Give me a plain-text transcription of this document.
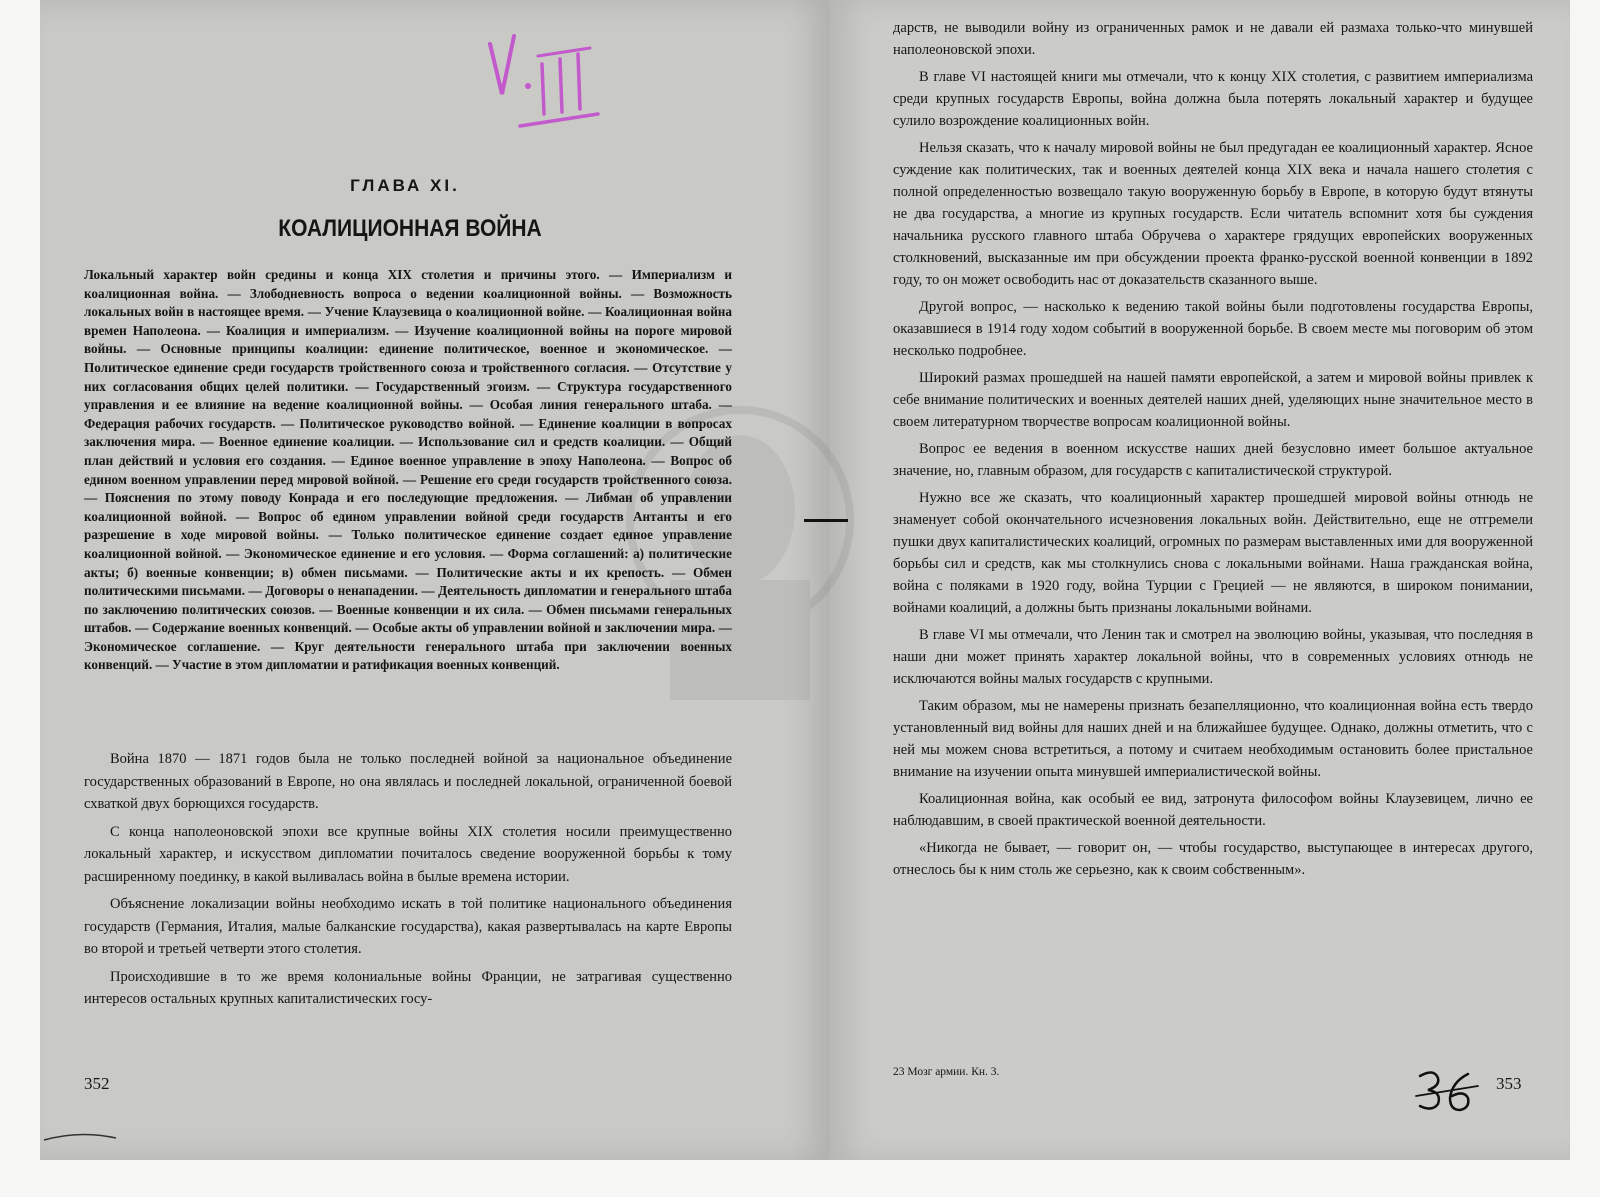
ГЛАВА XI.
КОАЛИЦИОННАЯ ВОЙНА
Локальный характер войн средины и конца XIX столетия и причины этого. — Империализм и коалиционная война. — Злободневность вопроса о ведении коалиционной войны. — Возможность локальных войн в настоящее время. — Учение Клаузевица о коалиционной войне. — Коалиционная война времен Наполеона. — Коалиция и империализм. — Изучение коалиционной войны на пороге мировой войны. — Основные принципы коалиции: единение политическое, военное и экономическое. — Политическое единение среди государств тройственного союза и тройственного согласия. — Отсутствие у них согласования общих целей политики. — Государственный эгоизм. — Структура государственного управления и ее влияние на ведение коалиционной войны. — Особая линия генерального штаба. — Федерация рабочих государств. — Политическое руководство войной. — Единение коалиции в вопросах заключения мира. — Военное единение коалиции. — Использование сил и средств коалиции. — Общий план действий и условия его создания. — Единое военное управление в эпоху Наполеона. — Вопрос об едином военном управлении перед мировой войной. — Решение его среди государств тройственного союза. — Пояснения по этому поводу Конрада и его последующие предложения. — Либман об управлении коалиционной войной. — Вопрос об едином управлении войной среди государств Антанты и его разрешение в ходе мировой войны. — Только политическое единение создает единое управление коалиционной войной. — Экономическое единение и его условия. — Форма соглашений: а) политические акты; б) военные конвенции; в) обмен письмами. — Политические акты и их крепость. — Обмен политическими письмами. — Договоры о ненападении. — Деятельность дипломатии и генерального штаба по заключению политических союзов. — Военные конвенции и их сила. — Обмен письмами генеральных штабов. — Содержание военных конвенций. — Особые акты об управлении войной и заключении мира. — Экономическое соглашение. — Круг деятельности генерального штаба при заключении военных конвенций. — Участие в этом дипломатии и ратификация военных конвенций.

Война 1870 — 1871 годов была не только последней войной за национальное объединение государственных образований в Европе, но она являлась и последней локальной, ограниченной боевой схваткой двух борющихся государств.

С конца наполеоновской эпохи все крупные войны XIX столетия носили преимущественно локальный характер, и искусством дипломатии почиталось сведение вооруженной борьбы к тому расширенному поединку, в какой выливалась война в былые времена истории.

Объяснение локализации войны необходимо искать в той политике национального объединения государств (Германия, Италия, малые балканские государства), какая развертывалась на карте Европы во второй и третьей четверти этого столетия.

Происходившие в то же время колониальные войны Франции, не затрагивая существенно интересов остальных крупных капиталистических госу-

352

дарств, не выводили войну из ограниченных рамок и не давали ей размаха только-что минувшей наполеоновской эпохи.

В главе VI настоящей книги мы отмечали, что к концу XIX столетия, с развитием империализма среди крупных государств Европы, война должна была потерять локальный характер и будущее сулило возрождение коалиционных войн.

Нельзя сказать, что к началу мировой войны не был предугадан ее коалиционный характер. Ясное суждение как политических, так и военных деятелей конца XIX века и начала нашего столетия с полной определенностью возвещало такую вооруженную борьбу в Европе, в которую будут втянуты не два государства, а многие из крупных государств. Если читатель вспомнит хотя бы суждения начальника русского главного штаба Обручева о характере грядущих европейских вооруженных столкновений, высказанные им при обсуждении проекта франко-русской военной конвенции в 1892 году, то он может освободить нас от доказательств сказанного выше.

Другой вопрос, — насколько к ведению такой войны были подготовлены государства Европы, оказавшиеся в 1914 году ходом событий в вооруженной борьбе. В своем месте мы поговорим об этом несколько подробнее.

Широкий размах прошедшей на нашей памяти европейской, а затем и мировой войны привлек к себе внимание политических и военных деятелей наших дней, уделяющих ныне значительное место в своем литературном творчестве вопросам коалиционной войны.

Вопрос ее ведения в военном искусстве наших дней безусловно имеет большое актуальное значение, но, главным образом, для государств с капиталистической структурой.

Нужно все же сказать, что коалиционный характер прошедшей мировой войны отнюдь не знаменует собой окончательного исчезновения локальных войн. Действительно, еще не отгремели пушки двух капиталистических коалиций, огромных по размерам выставленных ими для вооруженной борьбы сил и средств, как мы столкнулись снова с локальными войнами. Наша гражданская война, война с поляками в 1920 году, война Турции с Грецией — не являются, в широком понимании, войнами коалиций, а должны быть признаны локальными войнами.

В главе VI мы отмечали, что Ленин так и смотрел на эволюцию войны, указывая, что последняя в наши дни может принять характер локальной войны, что в современных условиях отнюдь не исключаются войны малых государств с крупными.

Таким образом, мы не намерены признать безапелляционно, что коалиционная война есть твердо установленный вид войны для наших дней и на ближайшее будущее. Однако, должны отметить, что с ней мы можем снова встретиться, а потому и считаем необходимым остановить более пристальное внимание на изучении опыта минувшей империалистической войны.

Коалиционная война, как особый ее вид, затронута философом войны Клаузевицем, лично ее наблюдавшим, в своей практической военной деятельности.

«Никогда не бывает, — говорит он, — чтобы государство, выступающее в интересах другого, отнеслось бы к ним столь же серьезно, как к своим собственным».

23 Мозг армии. Кн. 3.
353
